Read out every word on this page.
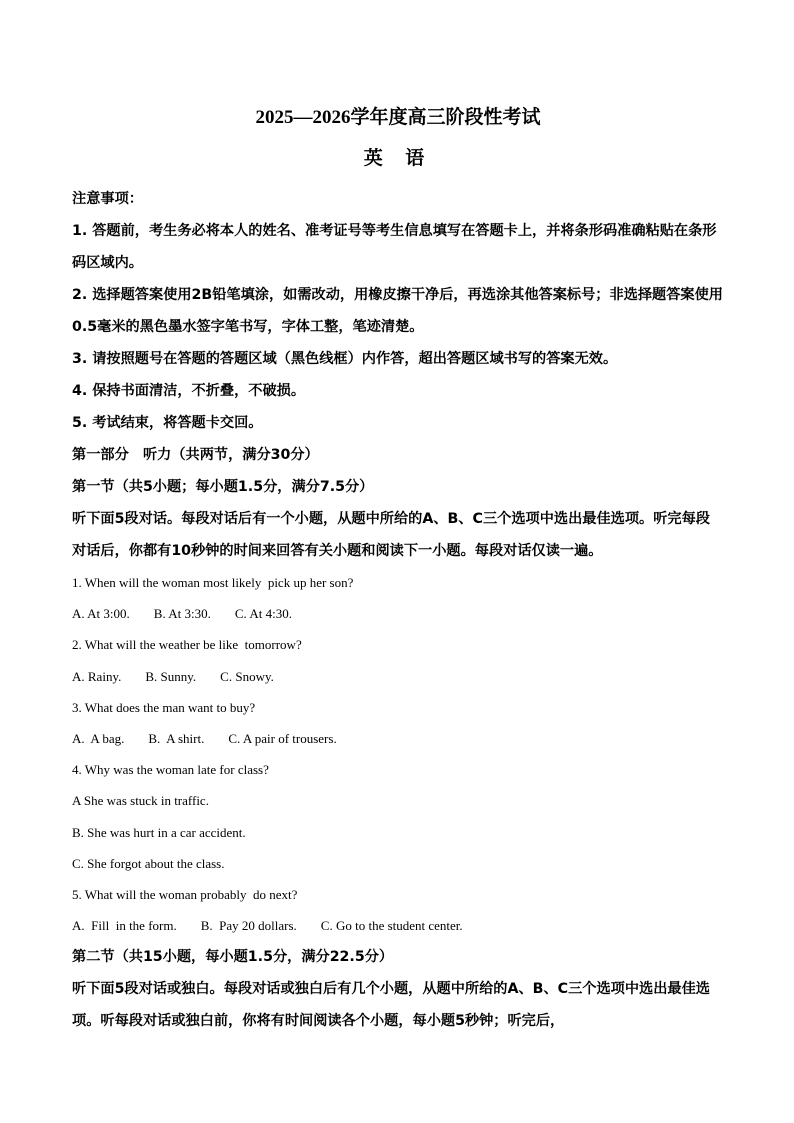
2025—2026学年度高三阶段性考试
英 语

注意事项：

1. 答题前，考生务必将本人的姓名、准考证号等考生信息填写在答题卡上，并将条形码准确粘贴在条形码区域内。

2. 选择题答案使用2B铅笔填涂，如需改动，用橡皮擦干净后，再选涂其他答案标号；非选择题答案使用0.5毫米的黑色墨水签字笔书写，字体工整，笔迹清楚。

3. 请按照题号在答题的答题区域（黑色线框）内作答，超出答题区域书写的答案无效。

4. 保持书面清洁，不折叠，不破损。

5. 考试结束，将答题卡交回。

第一部分　听力（共两节，满分30分）

第一节（共5小题；每小题1.5分，满分7.5分）

听下面5段对话。每段对话后有一个小题，从题中所给的A、B、C三个选项中选出最佳选项。听完每段对话后，你都有10秒钟的时间来回答有关小题和阅读下一小题。每段对话仅读一遍。

1. When will the woman most likely  pick up her son?

A. At 3:00. B. At 3:30. C. At 4:30.

2. What will the weather be like  tomorrow?

A. Rainy. B. Sunny. C. Snowy.

3. What does the man want to buy?

A.  A bag. B.  A shirt. C. A pair of trousers.

4. Why was the woman late for class?

A She was stuck in traffic.

B. She was hurt in a car accident.

C. She forgot about the class.

5. What will the woman probably  do next?

A.  Fill  in the form. B.  Pay 20 dollars. C. Go to the student center.

第二节（共15小题，每小题1.5分，满分22.5分）

听下面5段对话或独白。每段对话或独白后有几个小题，从题中所给的A、B、C三个选项中选出最佳选项。听每段对话或独白前，你将有时间阅读各个小题，每小题5秒钟；听完后，
